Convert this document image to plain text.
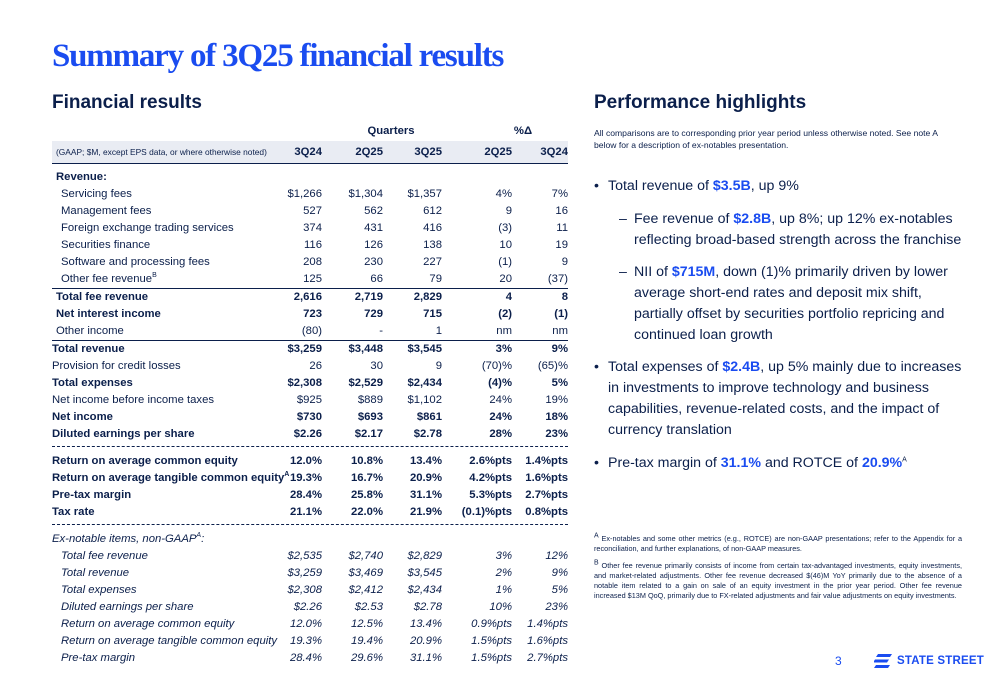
Summary of 3Q25 financial results
Financial results	Performance highlights
Quarters	%Δ
(GAAP; $M, except EPS data, or where otherwise noted)	3Q24	2Q25	3Q25	2Q25	3Q24
Revenue:
Servicing fees	$1,266	$1,304	$1,357	4%	7%
Management fees	527	562	612	9	16
Foreign exchange trading services	374	431	416	(3)	11
Securities finance	116	126	138	10	19
Software and processing fees	208	230	227	(1)	9
Other fee revenue$^B$	125	66	79	20	(37)
Total fee revenue	2,616	2,719	2,829	4	8
Net interest income	723	729	715	(2)	(1)
Other income	(80)	-	1	nm	nm
Total revenue	$3,259	$3,448	$3,545	3%	9%
Provision for credit losses	26	30	9	(70)%	(65)%
Total expenses	$2,308	$2,529	$2,434	(4)%	5%
Net income before income taxes	$925	$889	$1,102	24%	19%
Net income	$730	$693	$861	24%	18%
Diluted earnings per share	$2.26	$2.17	$2.78	28%	23%
Return on average common equity	12.0%	10.8%	13.4%	2.6%pts	1.4%pts
Return on average tangible common equity$^A$ 19.3%	16.7%	20.9%	4.2%pts	1.6%pts
Pre-tax margin	28.4%	25.8%	31.1%	5.3%pts	2.7%pts
Tax rate	21.1%	22.0%	21.9%	(0.1)%pts	0.8%pts
Ex-notable items, non-$GAAP^A$:
Total fee revenue	$2,535	$2,740	$2,829	3%	12%
Total revenue	$3,259	$3,469	$3,545	2%	9%
Total expenses	$2,308	$2,412	$2,434	1%	5%
Diluted earnings per share	$2.26	$2.53	$2.78	10%	23%
Return on average common equity	12.0%	12.5%	13.4%	0.9%pts	1.4%pts
Return on average tangible common equity	19.3%	19.4%	20.9%	1.5%pts	1.6%pts
Pre-tax margin	28.4%	29.6%	31.1%	1.5%pts	2.7%pts

All comparisons are to corresponding prior year period unless otherwise noted. See note A below for a description of ex-notables presentation.

• Total revenue of $3.5B, up 9%
– Fee revenue of $2.8B, up 8%; up 12% ex-notables reflecting broad-based strength across the franchise
– NII of $715M, down (1)% primarily driven by lower average short-end rates and deposit mix shift, partially offset by securities portfolio repricing and continued loan growth
• Total expenses of $2.4B, up 5% mainly due to increases in investments to improve technology and business capabilities, revenue-related costs, and the impact of currency translation
• Pre-tax margin of 31.1% and ROTCE of 20.9%$^A$

$^A$ Ex-notables and some other metrics (e.g., ROTCE) are non-GAAP presentations; refer to the Appendix for a reconciliation, and further explanations, of non-GAAP measures.

$^B$ Other fee revenue primarily consists of income from certain tax-advantaged investments, equity investments, and market-related adjustments. Other fee revenue decreased $(46)M YoY primarily due to the absence of a notable item related to a gain on sale of an equity investment in the prior year period. Other fee revenue increased $13M QoQ, primarily due to FX-related adjustments and fair value adjustments on equity investments.

3	STATE STREET
